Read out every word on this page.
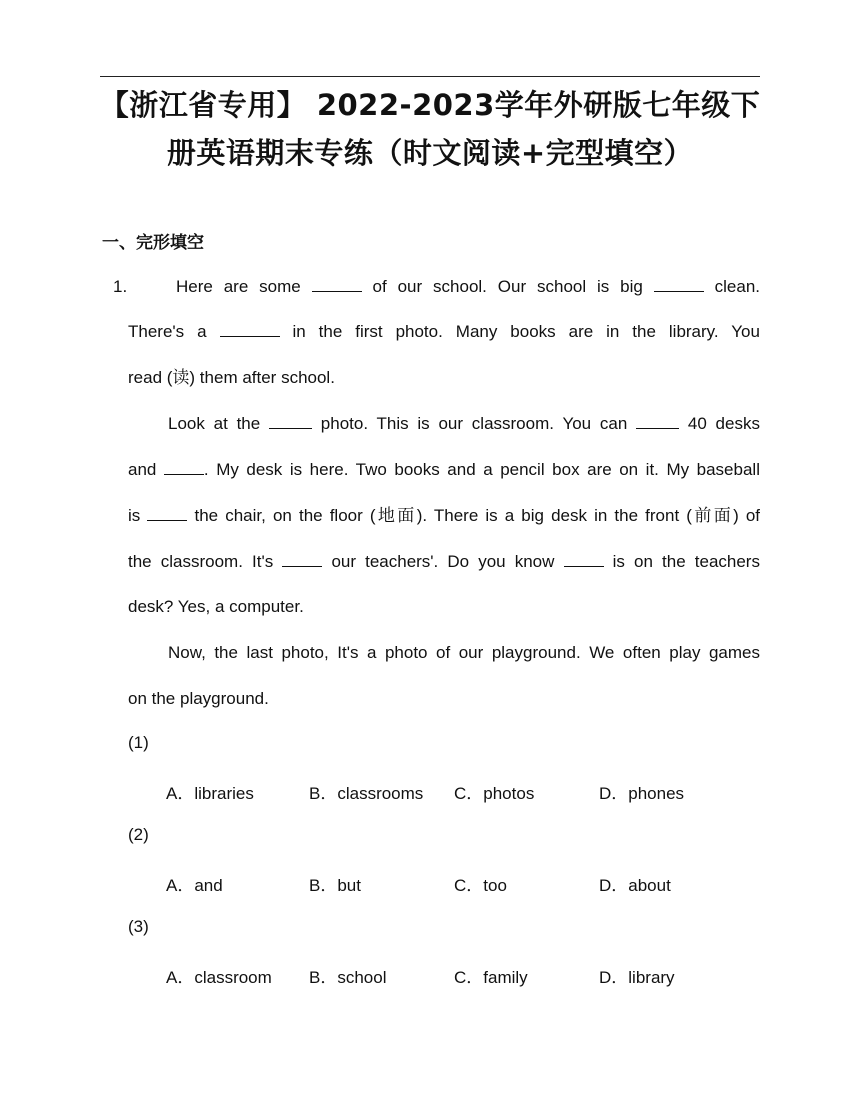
【浙江省专用】 2022-2023学年外研版七年级下
册英语期末专练（时文阅读+完型填空）
一、完形填空
1.	Here are some	of our school. Our school is big	clean.
There's a	in the first photo. Many books are in the library. You
read (读) them after school.
Look at the	photo. This is our classroom. You can	40 desks
and	. My desk is here. Two books and a pencil box are on it. My baseball
is	the chair, on the floor (地面). There is a big desk in the front (前面) of
the classroom. It's	our teachers'. Do you know	is on the teachers
desk? Yes, a computer.
Now, the last photo, It's a photo of our playground. We often play games
on the playground.
(1)
A．libraries	B．classrooms C．photos	D．phones
(2)
A．and	B．but	C．too	D．about
(3)
A．classroom B．school	C．family	D．library
